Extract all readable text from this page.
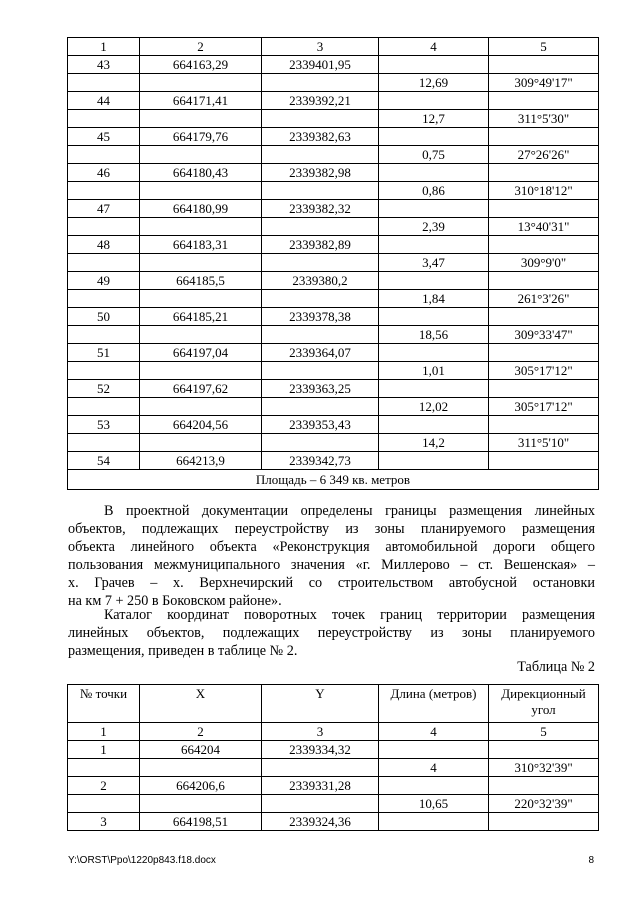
1	2	3	4	5
43	664163,29	2339401,95		
			12,69	309°49'17"
44	664171,41	2339392,21		
			12,7	311°5'30"
45	664179,76	2339382,63		
			0,75	27°26'26"
46	664180,43	2339382,98		
			0,86	310°18'12"
47	664180,99	2339382,32		
			2,39	13°40'31"
48	664183,31	2339382,89		
			3,47	309°9'0"
49	664185,5	2339380,2		
			1,84	261°3'26"
50	664185,21	2339378,38		
			18,56	309°33'47"
51	664197,04	2339364,07		
			1,01	305°17'12"
52	664197,62	2339363,25		
			12,02	305°17'12"
53	664204,56	2339353,43		
			14,2	311°5'10"
54	664213,9	2339342,73		
Площадь – 6 349 кв. метров				
В проектной документации определены границы размещения линейных
объектов, подлежащих переустройству из зоны планируемого размещения
объекта линейного объекта «Реконструкция автомобильной дороги общего
пользования межмуниципального значения «г. Миллерово – ст. Вешенская» –
х. Грачев – х. Верхнечирский со строительством автобусной остановки
на км 7 + 250 в Боковском районе».
Каталог координат поворотных точек границ территории размещения
линейных объектов, подлежащих переустройству из зоны планируемого
размещения, приведен в таблице № 2.
Таблица № 2
№ точки	X	Y	Длина (метров)	Дирекционный угол
1	2	3	4	5
1	664204	2339334,32		
			4	310°32'39"
2	664206,6	2339331,28		
			10,65	220°32'39"
3	664198,51	2339324,36		
Y:\ORST\Ppo\1220p843.f18.docx	8
